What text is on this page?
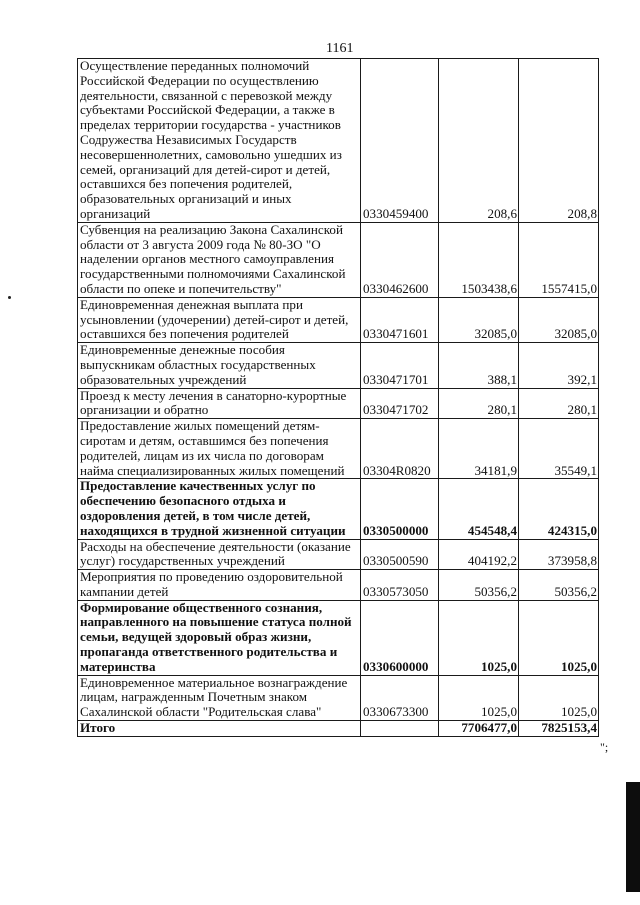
1161
Осуществление переданных полномочий Российской Федерации по осуществлению деятельности, связанной с перевозкой между субъектами Российской Федерации, а также в пределах территории государства - участников Содружества Независимых Государств несовершеннолетних, самовольно ушедших из семей, организаций для детей-сирот и детей, оставшихся без попечения родителей, образовательных организаций и иных организаций	0330459400	208,6	208,8
Субвенция на реализацию Закона Сахалинской области от 3 августа 2009 года № 80-ЗО "О наделении органов местного самоуправления государственными полномочиями Сахалинской области по опеке и попечительству"	0330462600	1503438,6	1557415,0
Единовременная денежная выплата при усыновлении (удочерении) детей-сирот и детей, оставшихся без попечения родителей	0330471601	32085,0	32085,0
Единовременные денежные пособия выпускникам областных государственных образовательных учреждений	0330471701	388,1	392,1
Проезд к месту лечения в санаторно-курортные организации и обратно	0330471702	280,1	280,1
Предоставление жилых помещений детям-сиротам и детям, оставшимся без попечения родителей, лицам из их числа по договорам найма специализированных жилых помещений	03304R0820	34181,9	35549,1
Предоставление качественных услуг по обеспечению безопасного отдыха и оздоровления детей, в том числе детей, находящихся в трудной жизненной ситуации	0330500000	454548,4	424315,0
Расходы на обеспечение деятельности (оказание услуг) государственных учреждений	0330500590	404192,2	373958,8
Мероприятия по проведению оздоровительной кампании детей	0330573050	50356,2	50356,2
Формирование общественного сознания, направленного на повышение статуса полной семьи, ведущей здоровый образ жизни, пропаганда ответственного родительства и материнства	0330600000	1025,0	1025,0
Единовременное материальное вознаграждение лицам, награжденным Почетным знаком Сахалинской области "Родительская слава"	0330673300	1025,0	1025,0
Итого		7706477,0	7825153,4
";
